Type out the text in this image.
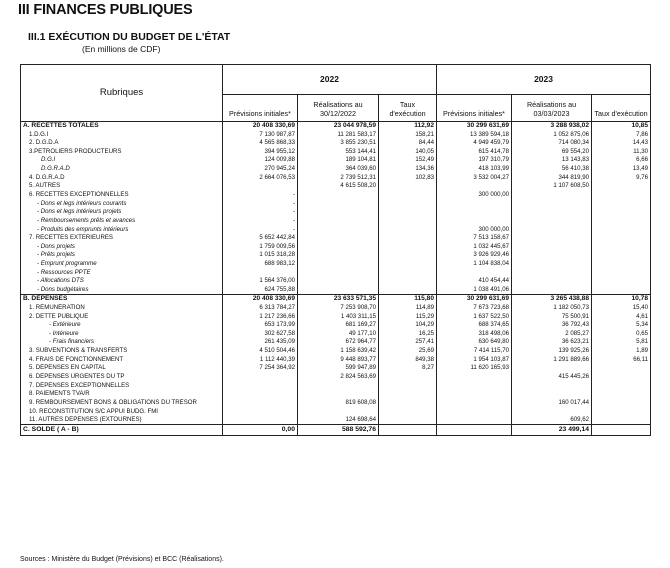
III FINANCES PUBLIQUES
III.1 EXÉCUTION DU BUDGET DE L'ÉTAT
(En millions de CDF)
Rubriques	2022			2023		
	Prévisions initiales*	Réalisations au 30/12/2022	Taux d'exécution	Prévisions initiales*	Réalisations au 03/03/2023	Taux d'exécution
A. RECETTES TOTALES	20 408 330,69	23 044 978,59	112,92	30 299 631,69	3 288 938,02	10,85
1.D.G.I	7 130 987,87	11 281 583,17	158,21	13 389 594,18	1 052 875,06	7,86
2. D.G.D.A	4 565 868,33	3 855 230,51	84,44	4 949 459,79	714 080,34	14,43
3.PETROLIERS PRODUCTEURS	394 955,12	553 144,41	140,05	615 414,78	69 554,20	11,30
D.G.I	124 009,88	189 104,81	152,49	197 310,79	13 143,83	6,66
D.G.R.A.D	270 945,24	364 039,60	134,36	418 103,99	56 410,38	13,49
4. D.G.R.A.D	2 664 076,53	2 739 512,31	102,83	3 532 004,27	344 819,90	9,76
5. AUTRES		4 615 508,20			1 107 608,50	
6. RECETTES EXCEPTIONNELLES	-			300 000,00		
- Dons et legs intérieurs courants	-					
- Dons et legs intérieurs projets	-					
- Remboursements prêts et avances	-					
- Produits des emprunts intérieurs	-			300 000,00		
7. RECETTES EXTÉRIEURES	5 652 442,84			7 513 158,67		
- Dons projets	1 759 009,56			1 032 445,67		
- Prêts projets	1 015 318,28			3 926 929,46		
- Emprunt programme	688 983,12			1 104 838,04		
- Ressources PPTE						
- Allocations DTS	1 564 376,00			410 454,44		
- Dons budgétaires	624 755,88			1 038 491,06		
B. DÉPENSES	20 408 330,69	23 633 571,35	115,80	30 299 631,69	3 265 438,88	10,78
1. RÉMUNÉRATION	6 313 784,27	7 253 908,70	114,89	7 673 723,68	1 182 050,73	15,40
2. DETTE PUBLIQUE	1 217 236,66	1 403 311,15	115,29	1 637 522,50	75 500,91	4,61
- Extérieure	653 173,99	681 169,27	104,29	688 374,65	36 792,43	5,34
- Intérieure	302 627,58	49 177,10	16,25	318 498,06	2 085,27	0,65
- Frais financiers	261 435,09	672 964,77	257,41	630 649,80	36 623,21	5,81
3. SUBVENTIONS & TRANSFERTS	4 510 504,46	1 158 639,42	25,69	7 414 115,70	139 925,26	1,89
4. FRAIS DE FONCTIONNEMENT	1 112 440,39	9 448 893,77	849,38	1 954 103,87	1 291 889,66	66,11
5. DÉPENSES EN CAPITAL	7 254 364,92	599 947,89	8,27	11 620 165,93		
6. DÉPENSES URGENTES DU TP		2 824 563,69			415 445,26	
7. DÉPENSES EXCEPTIONNELLES						
8. PAIEMENTS TVA/R						
9. REMBOURSEMENT BONS & OBLIGATIONS DU TRÉSOR		819 608,08			160 017,44	
10. RECONSTITUTION S/C APPUI BUDG. FMI						
11. AUTRES DEPENSES (EXTOURNES)		124 698,64			609,62	
C. SOLDE ( A - B)	0,00	588 592,76			23 499,14	
Sources : Ministère du Budget (Prévisions) et BCC (Réalisations).
